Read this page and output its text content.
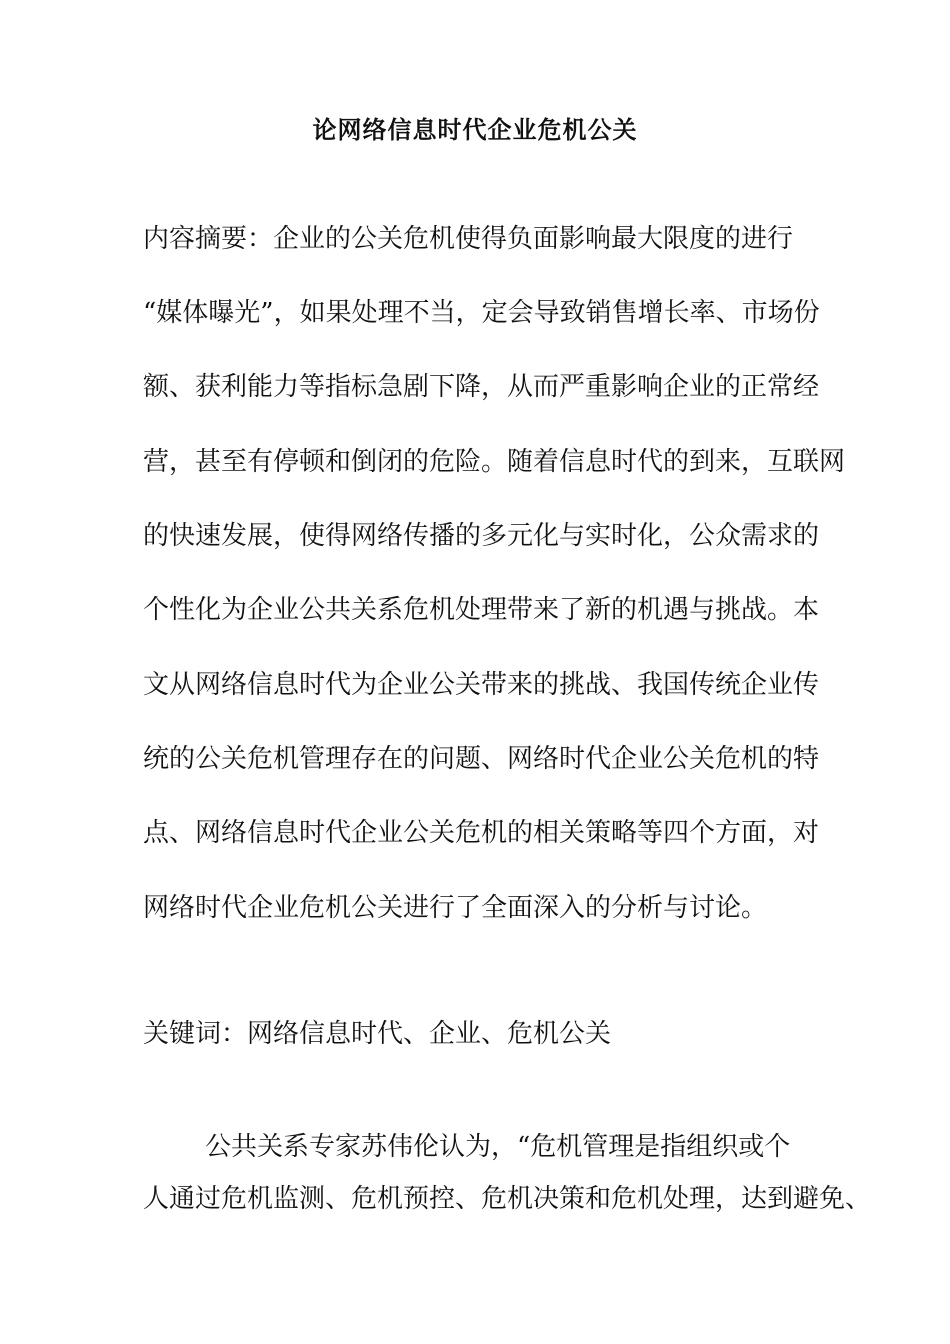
论网络信息时代企业危机公关
内容摘要：企业的公关危机使得负面影响最大限度的进行
“媒体曝光”，如果处理不当，定会导致销售增长率、市场份
额、获利能力等指标急剧下降，从而严重影响企业的正常经
营，甚至有停顿和倒闭的危险。随着信息时代的到来，互联网
的快速发展，使得网络传播的多元化与实时化，公众需求的
个性化为企业公共关系危机处理带来了新的机遇与挑战。本
文从网络信息时代为企业公关带来的挑战、我国传统企业传
统的公关危机管理存在的问题、网络时代企业公关危机的特
点、网络信息时代企业公关危机的相关策略等四个方面，对
网络时代企业危机公关进行了全面深入的分析与讨论。
关键词：网络信息时代、企业、危机公关
公共关系专家苏伟伦认为，“危机管理是指组织或个
人通过危机监测、危机预控、危机决策和危机处理，达到避免、
